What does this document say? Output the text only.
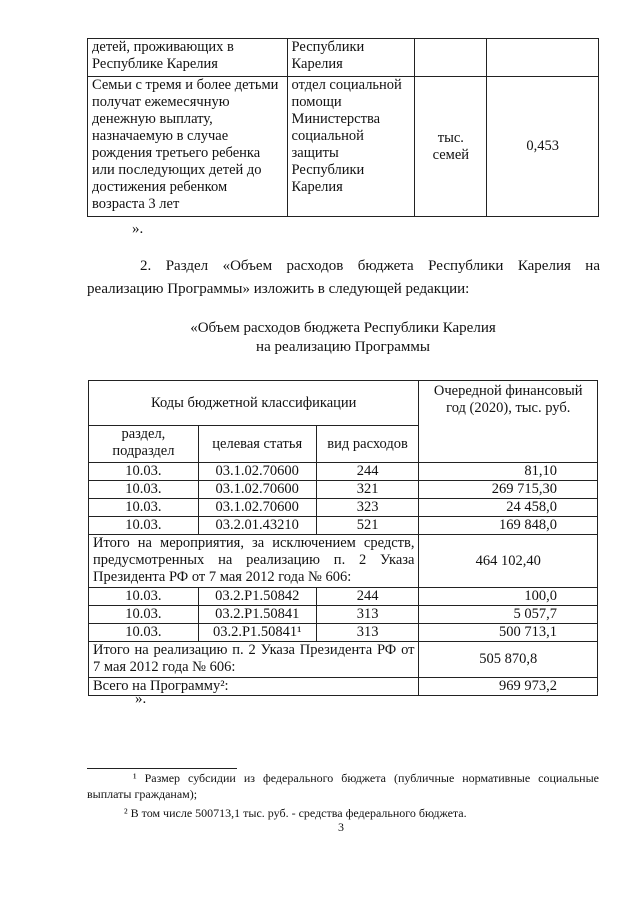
детей, проживающих в Республике Карелия	Республики Карелия		
Семьи с тремя и более детьми получат ежемесячную денежную выплату, назначаемую в случае рождения третьего ребенка или последующих детей до достижения ребенком возраста 3 лет	отдел социальной помощи Министерства социальной защиты Республики Карелия	тыс. семей	0,453
».
2. Раздел «Объем расходов бюджета Республики Карелия на
реализацию Программы» изложить в следующей редакции:
«Объем расходов бюджета Республики Карелия
на реализацию Программы
Коды бюджетной классификации			Очередной финансовый год (2020), тыс. руб.
раздел, подраздел	целевая статья	вид расходов	
10.03.	03.1.02.70600	244	81,10
10.03.	03.1.02.70600	321	269 715,30
10.03.	03.1.02.70600	323	24 458,0
10.03.	03.2.01.43210	521	169 848,0

Итого на мероприятия, за исключением средств,
предусмотренных на реализацию п. 2 Указа
Президента РФ от 7 мая 2012 года № 606:			464 102,40
10.03.	03.2.Р1.50842	244	100,0
10.03.	03.2.Р1.50841	313	5 057,7
10.03.	03.2.Р1.50841¹	313	500 713,1

Итого на реализацию п. 2 Указа Президента РФ от
7 мая 2012 года № 606:			505 870,8
Всего на Программу²:			969 973,2
».
¹ Размер субсидии из федерального бюджета (публичные нормативные социальные
выплаты гражданам);
² В том числе 500713,1 тыс. руб. - средства федерального бюджета.
3
